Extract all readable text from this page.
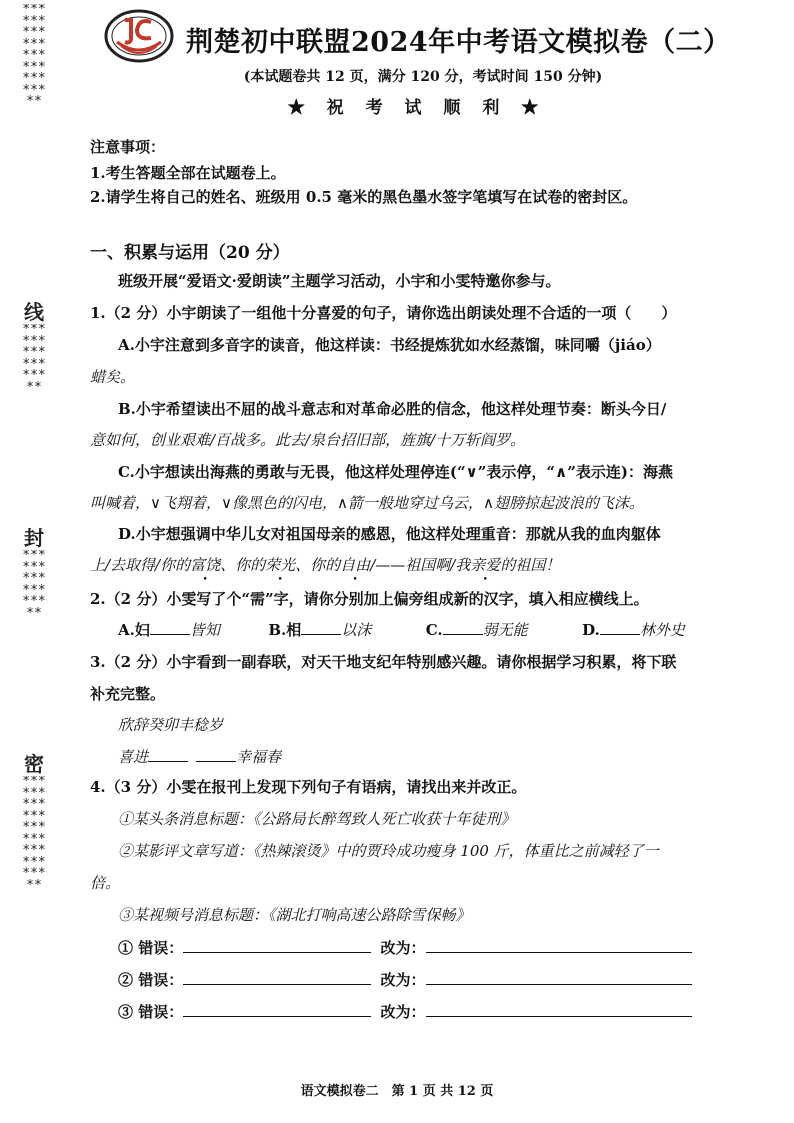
**************************
线
*****************
封
*****************
密
*****************************
荆楚初中联盟2024年中考语文模拟卷（二）
(本试题卷共 12 页，满分 120 分，考试时间 150 分钟)
★ 祝 考 试 顺 利 ★
注意事项：
1.考生答题全部在试题卷上。
2.请学生将自己的姓名、班级用 0.5 毫米的黑色墨水签字笔填写在试卷的密封区。
一、积累与运用（20 分）
班级开展“爱语文·爱朗读”主题学习活动，小宇和小雯特邀你参与。
1.（2 分）小宇朗读了一组他十分喜爱的句子，请你选出朗读处理不合适的一项（　　）
A.小宇注意到多音字的读音，他这样读：书经提炼犹如水经蒸馏，味同嚼（jiáo）
蜡矣。
B.小宇希望读出不屈的战斗意志和对革命必胜的信念，他这样处理节奏：断头今日/
意如何，创业艰难/百战多。此去/泉台招旧部，旌旗/十万斩阎罗。
C.小宇想读出海燕的勇敢与无畏，他这样处理停连(“∨”表示停，“∧”表示连)：海燕
叫喊着，∨飞翔着，∨像黑色的闪电，∧箭一般地穿过乌云，∧翅膀掠起波浪的飞沫。
D.小宇想强调中华儿女对祖国母亲的感恩，他这样处理重音：那就从我的血肉躯体
上/去取得/你的富饶、你的荣光、你的自由/——祖国啊/我亲爱的祖国！
2.（2 分）小雯写了个“需”字，请你分别加上偏旁组成新的汉字，填入相应横线上。
A.妇	皆知	B.相	以沫	C.	弱无能	D.	林外史
3.（2 分）小宇看到一副春联，对天干地支纪年特别感兴趣。请你根据学习积累，将下联
补充完整。
欣辞癸卯丰稔岁
喜进	幸福春
4.（3 分）小雯在报刊上发现下列句子有语病，请找出来并改正。
①某头条消息标题：《公路局长醉驾致人死亡收获十年徒刑》
②某影评文章写道：《热辣滚烫》中的贾玲成功瘦身 100 斤，体重比之前减轻了一
倍。
③某视频号消息标题：《湖北打响高速公路除雪保畅》
① 错误：	改为：
② 错误：	改为：
③ 错误：	改为：
语文模拟卷二　第 1 页 共 12 页
